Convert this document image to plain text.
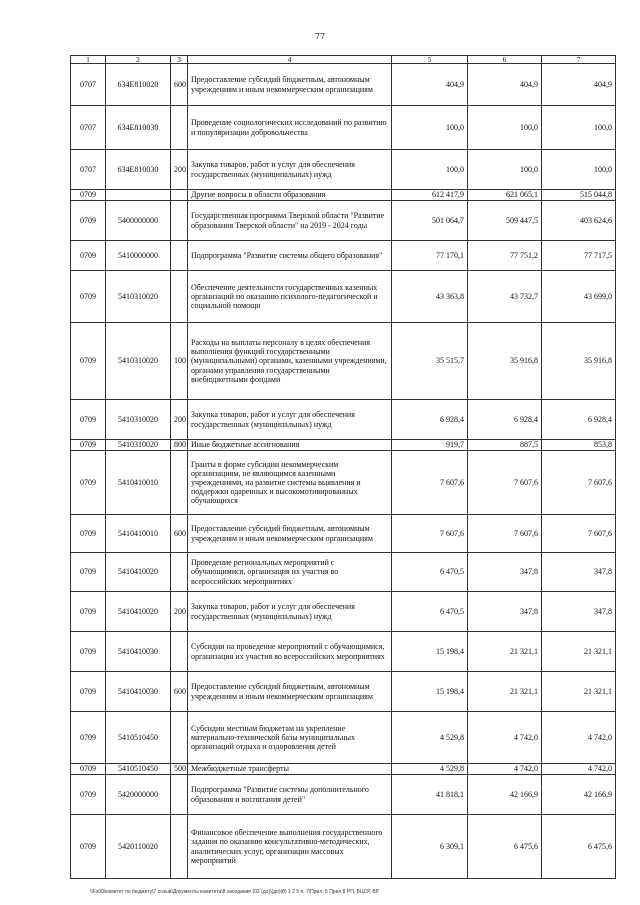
77
1	2	3	4	5	6	7
0707	634E810020	600	Предоставление субсидий бюджетным, автономным учреждениям и иным некоммерческим организациям	404,9	404,9	404,9
0707	634E810030		Проведение социологических исследований по развитию и популяризации добровольчества	100,0	100,0	100,0
0707	634E810030	200	Закупка товаров, работ и услуг для обеспечения государственных (муниципальных) нужд	100,0	100,0	100,0
0709			Другие вопросы в области образования	612 417,9	621 065,1	515 044,8
0709	5400000000		Государственная программа Тверской области "Развитие образования Тверской области" на 2019 - 2024 годы	501 064,7	509 447,5	403 624,6
0709	5410000000		Подпрограмма "Развитие системы общего образования"	77 170,1	77 751,2	77 717,5
0709	5410310020		Обеспечение деятельности государственных казенных организаций по оказанию психолого-педагогической и социальной помощи	43 363,8	43 732,7	43 699,0
0709	5410310020	100	Расходы на выплаты персоналу в целях обеспечения выполнения функций государственными (муниципальными) органами, казенными учреждениями, органами управления государственными внебюджетными фондами	35 515,7	35 916,8	35 916,8
0709	5410310020	200	Закупка товаров, работ и услуг для обеспечения государственных (муниципальных) нужд	6 928,4	6 928,4	6 928,4
0709	5410310020	800	Иные бюджетные ассигнования	919,7	887,5	853,8
0709	5410410010		Гранты в форме субсидии некоммерческим организациям, не являющимся казенными учреждениями, на развитие системы выявления и поддержки одаренных и высокомотивированных обучающихся	7 607,6	7 607,6	7 607,6
0709	5410410010	600	Предоставление субсидий бюджетным, автономным учреждениям и иным некоммерческим организациям	7 607,6	7 607,6	7 607,6
0709	5410410020		Проведение региональных мероприятий с обучающимися, организация их участия во всероссийских мероприятиях	6 470,5	347,8	347,8
0709	5410410020	200	Закупка товаров, работ и услуг для обеспечения государственных (муниципальных) нужд	6 470,5	347,8	347,8
0709	5410410030		Субсидии на проведение мероприятий с обучающимися, организация их участия во всероссийских мероприятиях	15 198,4	21 321,1	21 321,1
0709	5410410030	600	Предоставление субсидий бюджетным, автономным учреждениям и иным некоммерческим организациям	15 198,4	21 321,1	21 321,1
0709	5410510450		Субсидии местным бюджетам на укрепление материально-технической базы муниципальных организаций отдыха и оздоровления детей	4 529,8	4 742,0	4 742,0
0709	5410510450	500	Межбюджетные трансферты	4 529,8	4 742,0	4 742,0
0709	5420000000		Подпрограмма "Развитие системы дополнительного образования и воспитания детей"	41 818,1	42 166,9	42 166,9
0709	5420110020		Финансовое обеспечение выполнения государственного задания по оказанию консультативно-методических, аналитических услуг, организации массовых мероприятий	6 309,1	6 475,6	6 475,6
\\Fs00\комитет по бюджету\7 созыв\Документы комитета\8 заседание (02 (до)\(до)(8) 1 2 5 п. 7\Прил. 5 Прил 8 РП, ВЦСР, ВР
